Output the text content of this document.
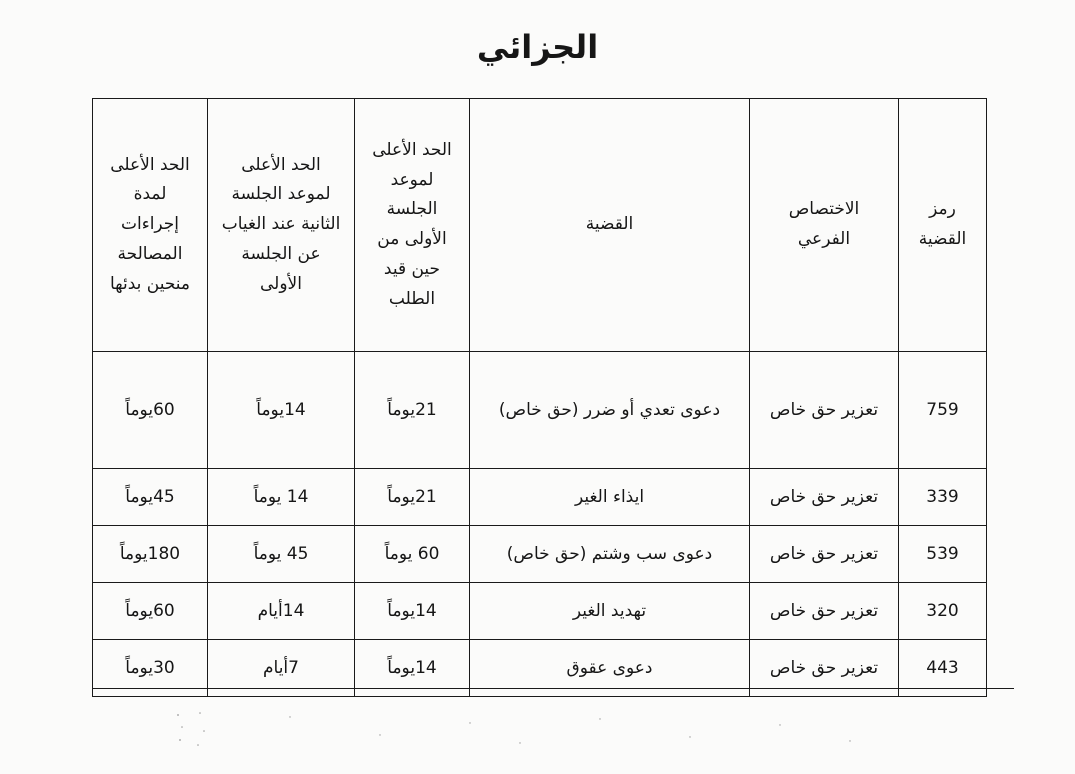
الجزائي
رمز القضية	الاختصاص الفرعي	القضية	الحد الأعلى لموعد الجلسة الأولى من حين قيد الطلب	الحد الأعلى لموعد الجلسة الثانية عند الغياب عن الجلسة الأولى	الحد الأعلى لمدة إجراءات المصالحة منحين بدئها
759	تعزير حق خاص	دعوى تعدي أو ضرر (حق خاص)	21يوماً	14يوماً	60يوماً
339	تعزير حق خاص	ايذاء الغير	21يوماً	14 يوماً	45يوماً
539	تعزير حق خاص	دعوى سب وشتم (حق خاص)	60 يوماً	45 يوماً	180يوماً
320	تعزير حق خاص	تهديد الغير	14يوماً	14أيام	60يوماً
443	تعزير حق خاص	دعوى عقوق	14يوماً	7أيام	30يوماً
